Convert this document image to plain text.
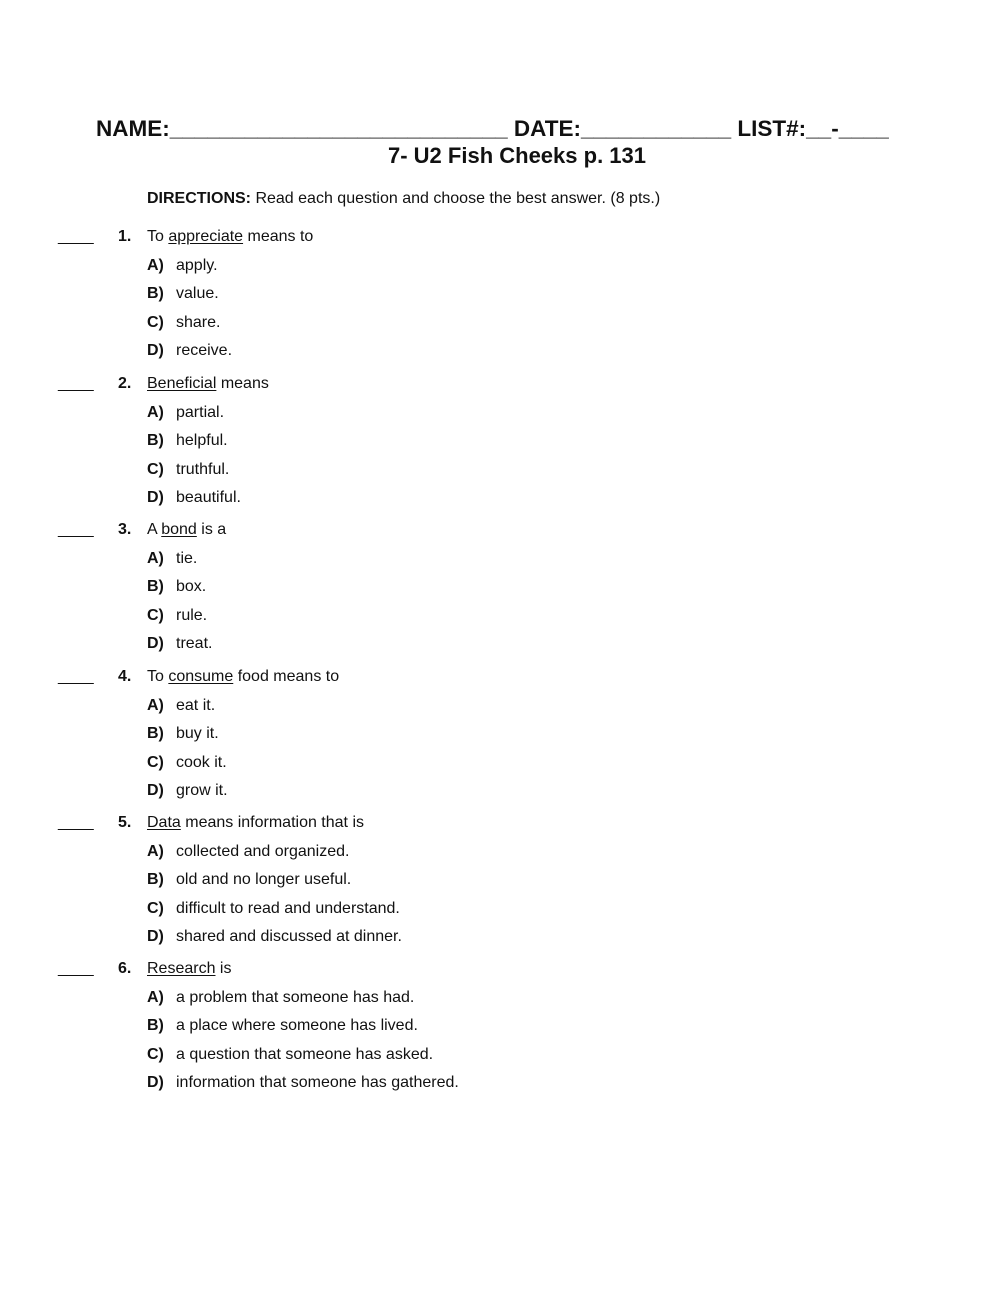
NAME:___________________________ DATE:____________ LIST#:__-____
7- U2 Fish Cheeks p. 131
DIRECTIONS: Read each question and choose the best answer. (8 pts.)
____ 1. To appreciate means to
A) apply.
B) value.
C) share.
D) receive.
____ 2. Beneficial means
A) partial.
B) helpful.
C) truthful.
D) beautiful.
____ 3. A bond is a
A) tie.
B) box.
C) rule.
D) treat.
____ 4. To consume food means to
A) eat it.
B) buy it.
C) cook it.
D) grow it.
____ 5. Data means information that is
A) collected and organized.
B) old and no longer useful.
C) difficult to read and understand.
D) shared and discussed at dinner.
____ 6. Research is
A) a problem that someone has had.
B) a place where someone has lived.
C) a question that someone has asked.
D) information that someone has gathered.
